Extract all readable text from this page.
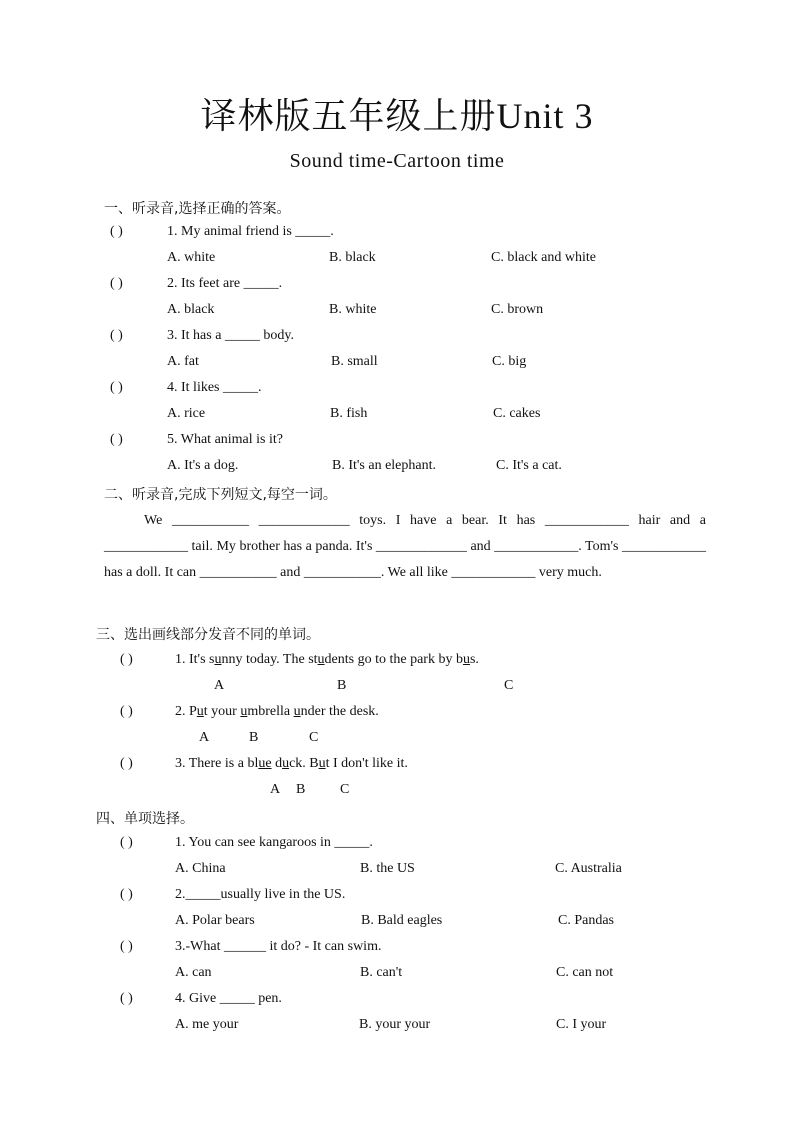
译林版五年级上册Unit 3
Sound time-Cartoon time
一、听录音,选择正确的答案。
( )	1. My animal friend is _____.
A. white	B. black	C. black and white
( )	2. Its feet are _____.
A. black	B. white	C. brown
( )	3. It has a _____ body.
A. fat	B. small	C. big
( )	4. It likes _____.
A. rice	B. fish	C. cakes
( )	5. What animal is it?
A. It's a dog.	B. It's an elephant.	C. It's a cat.
二、听录音,完成下列短文,每空一词。
We ___________ _____________ toys. I have a bear. It has ____________ hair and a ____________ tail. My brother has a panda. It's _____________ and ____________. Tom's ____________ has a doll. It can ___________ and ___________. We all like ____________ very much.
三、选出画线部分发音不同的单词。
( )	1. It's sunny today. The students go to the park by bus.
A	B	C
( )	2. Put your umbrella under the desk.
A	B	C
( )	3. There is a blue duck. But I don't like it.
A B C
四、单项选择。
( )	1. You can see kangaroos in _____.
A. China	B. the US	C. Australia
( )	2._____usually live in the US.
A. Polar bears	B. Bald eagles	C. Pandas
( )	3.-What ______ it do? - It can swim.
A. can	B. can't	C. can not
( )	4. Give _____ pen.
A. me your	B. your your	C. I your
